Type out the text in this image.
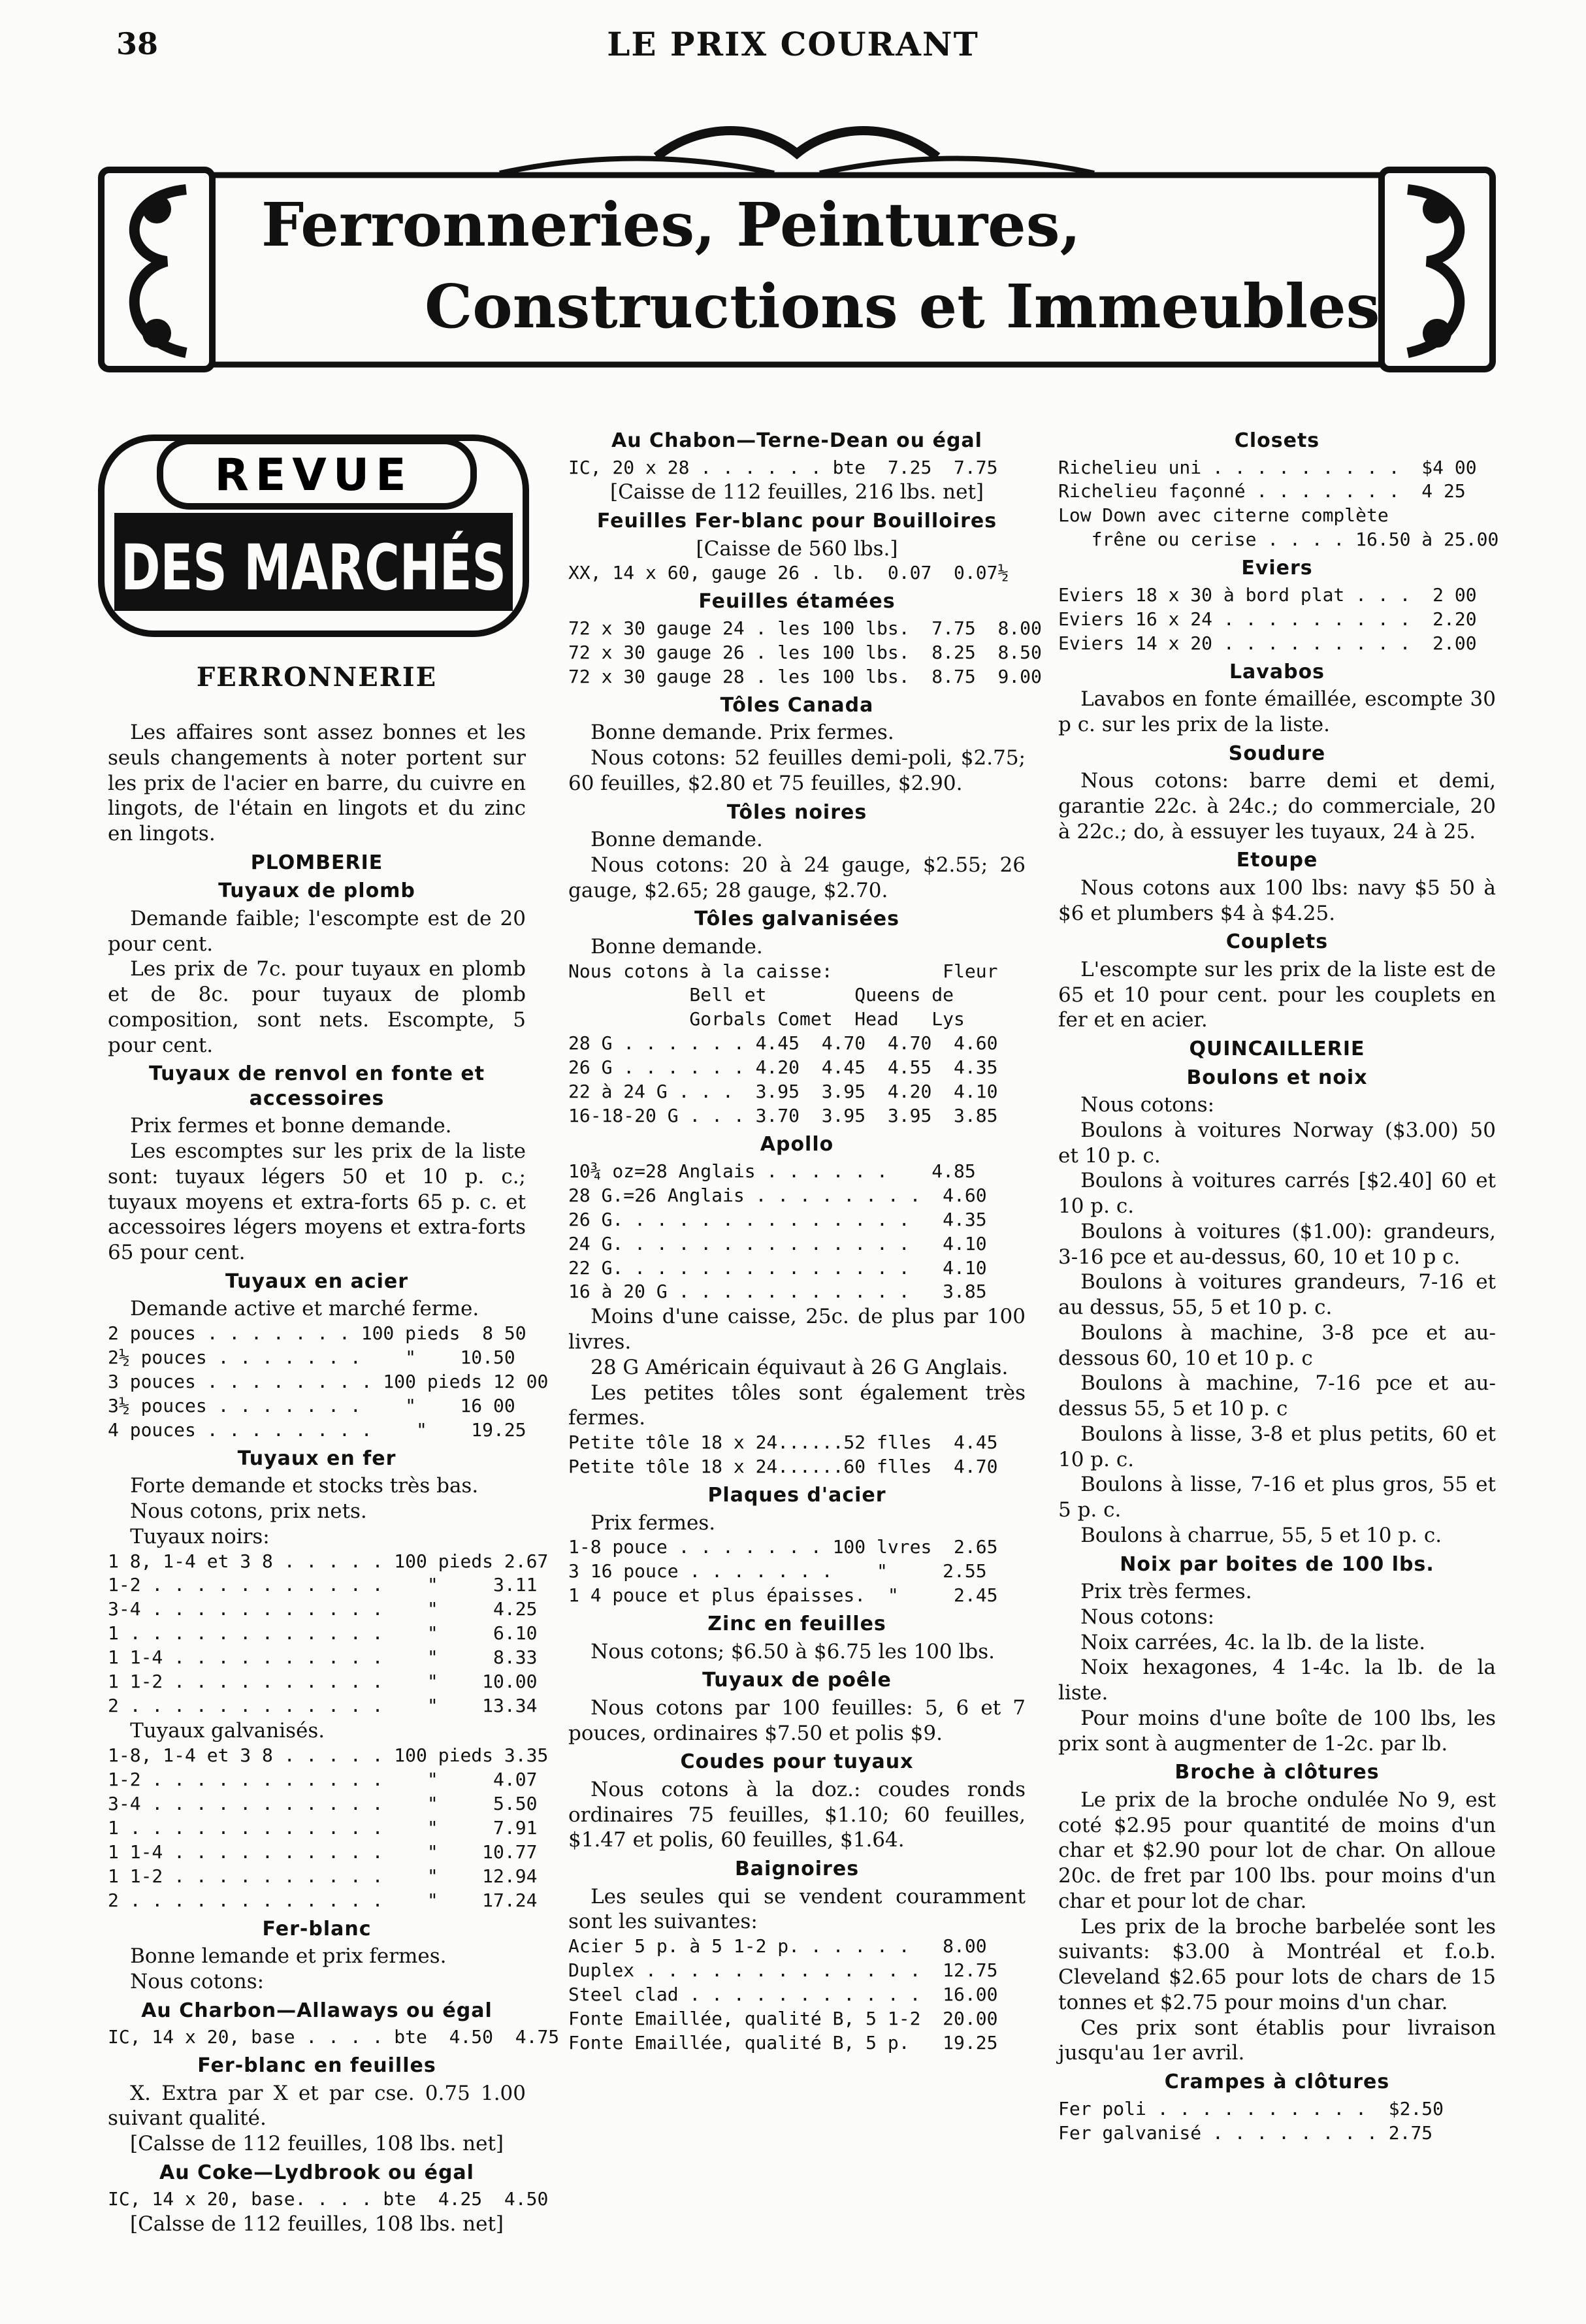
38	LE PRIX COURANT
Ferronneries, Peintures,
Constructions et Immeubles
REVUE
DES MARCHÉS
FERRONNERIE
Les affaires sont assez bonnes et les seuls changements à noter portent sur les prix de l'acier en barre, du cuivre en lingots, de l'étain en lingots et du zinc en lingots.
PLOMBERIE
Tuyaux de plomb
Demande faible; l'escompte est de 20 pour cent.
Les prix de 7c. pour tuyaux en plomb et de 8c. pour tuyaux de plomb composition, sont nets. Escompte, 5 pour cent.
Tuyaux de renvol en fonte et accessoires
Prix fermes et bonne demande.
Les escomptes sur les prix de la liste sont: tuyaux légers 50 et 10 p. c.; tuyaux moyens et extra-forts 65 p. c. et accessoires légers moyens et extra-forts 65 pour cent.
Tuyaux en acier
Demande active et marché ferme.
2 pouces . . . . . . . 100 pieds  8 50
2½ pouces . . . . . . .    "    10.50
3 pouces . . . . . . . . 100 pieds 12 00
3½ pouces . . . . . . .    "    16 00
4 pouces . . . . . . . .    "    19.25
Tuyaux en fer
Forte demande et stocks très bas.
Nous cotons, prix nets.
Tuyaux noirs:
1 8, 1-4 et 3 8 . . . . . 100 pieds 2.67
1-2 . . . . . . . . . . .    "     3.11
3-4 . . . . . . . . . . .    "     4.25
1 . . . . . . . . . . . .    "     6.10
1 1-4 . . . . . . . . . .    "     8.33
1 1-2 . . . . . . . . . .    "    10.00
2 . . . . . . . . . . . .    "    13.34
Tuyaux galvanisés.
1-8, 1-4 et 3 8 . . . . . 100 pieds 3.35
1-2 . . . . . . . . . . .    "     4.07
3-4 . . . . . . . . . . .    "     5.50
1 . . . . . . . . . . . .    "     7.91
1 1-4 . . . . . . . . . .    "    10.77
1 1-2 . . . . . . . . . .    "    12.94
2 . . . . . . . . . . . .    "    17.24
Fer-blanc
Bonne lemande et prix fermes.
Nous cotons:
Au Charbon—Allaways ou égal
IC, 14 x 20, base . . . . bte  4.50  4.75
Fer-blanc en feuilles
X. Extra par X et par cse. 0.75 1.00 suivant qualité.
[Calsse de 112 feuilles, 108 lbs. net]
Au Coke—Lydbrook ou égal
IC, 14 x 20, base. . . . bte  4.25  4.50
[Calsse de 112 feuilles, 108 lbs. net]
Au Chabon—Terne-Dean ou égal
IC, 20 x 28 . . . . . . bte  7.25  7.75
[Caisse de 112 feuilles, 216 lbs. net]
Feuilles Fer-blanc pour Bouilloires
[Caisse de 560 lbs.]
XX, 14 x 60, gauge 26 . lb.  0.07  0.07½
Feuilles étamées
72 x 30 gauge 24 . les 100 lbs.  7.75  8.00
72 x 30 gauge 26 . les 100 lbs.  8.25  8.50
72 x 30 gauge 28 . les 100 lbs.  8.75  9.00
Tôles Canada
Bonne demande. Prix fermes.
Nous cotons: 52 feuilles demi-poli, $2.75; 60 feuilles, $2.80 et 75 feuilles, $2.90.
Tôles noires
Bonne demande.
Nous cotons: 20 à 24 gauge, $2.55; 26 gauge, $2.65; 28 gauge, $2.70.
Tôles galvanisées
Bonne demande.
Nous cotons à la caisse:          Fleur
Bell et        Queens de
Gorbals Comet  Head   Lys
28 G . . . . . . 4.45  4.70  4.70  4.60
26 G . . . . . . 4.20  4.45  4.55  4.35
22 à 24 G . . .  3.95  3.95  4.20  4.10
16-18-20 G . . . 3.70  3.95  3.95  3.85
Apollo
10¾ oz=28 Anglais . . . . . .    4.85
28 G.=26 Anglais . . . . . . . .  4.60
26 G. . . . . . . . . . . . . .   4.35
24 G. . . . . . . . . . . . . .   4.10
22 G. . . . . . . . . . . . . .   4.10
16 à 20 G . . . . . . . . . . .   3.85
Moins d'une caisse, 25c. de plus par 100 livres.
28 G Américain équivaut à 26 G Anglais.
Les petites tôles sont également très fermes.
Petite tôle 18 x 24......52 flles  4.45
Petite tôle 18 x 24......60 flles  4.70
Plaques d'acier
Prix fermes.
1-8 pouce . . . . . . . 100 lvres  2.65
3 16 pouce . . . . . . .    "     2.55
1 4 pouce et plus épaisses.  "     2.45
Zinc en feuilles
Nous cotons; $6.50 à $6.75 les 100 lbs.
Tuyaux de poêle
Nous cotons par 100 feuilles: 5, 6 et 7 pouces, ordinaires $7.50 et polis $9.
Coudes pour tuyaux
Nous cotons à la doz.: coudes ronds ordinaires 75 feuilles, $1.10; 60 feuilles, $1.47 et polis, 60 feuilles, $1.64.
Baignoires
Les seules qui se vendent couramment sont les suivantes:
Acier 5 p. à 5 1-2 p. . . . . .   8.00
Duplex . . . . . . . . . . . . .  12.75
Steel clad . . . . . . . . . . .  16.00
Fonte Emaillée, qualité B, 5 1-2  20.00
Fonte Emaillée, qualité B, 5 p.   19.25
Closets
Richelieu uni . . . . . . . . .  $4 00
Richelieu façonné . . . . . . .  4 25
Low Down avec citerne complète
frêne ou cerise . . . . 16.50 à 25.00
Eviers
Eviers 18 x 30 à bord plat . . .  2 00
Eviers 16 x 24 . . . . . . . . .  2.20
Eviers 14 x 20 . . . . . . . . .  2.00
Lavabos
Lavabos en fonte émaillée, escompte 30 p c. sur les prix de la liste.
Soudure
Nous cotons: barre demi et demi, garantie 22c. à 24c.; do commerciale, 20 à 22c.; do, à essuyer les tuyaux, 24 à 25.
Etoupe
Nous cotons aux 100 lbs: navy $5 50 à $6 et plumbers $4 à $4.25.
Couplets
L'escompte sur les prix de la liste est de 65 et 10 pour cent. pour les couplets en fer et en acier.
QUINCAILLERIE
Boulons et noix
Nous cotons:
Boulons à voitures Norway ($3.00) 50 et 10 p. c.
Boulons à voitures carrés [$2.40] 60 et 10 p. c.
Boulons à voitures ($1.00): grandeurs, 3-16 pce et au-dessus, 60, 10 et 10 p c.
Boulons à voitures grandeurs, 7-16 et au dessus, 55, 5 et 10 p. c.
Boulons à machine, 3-8 pce et au-dessous 60, 10 et 10 p. c
Boulons à machine, 7-16 pce et au-dessus 55, 5 et 10 p. c
Boulons à lisse, 3-8 et plus petits, 60 et 10 p. c.
Boulons à lisse, 7-16 et plus gros, 55 et 5 p. c.
Boulons à charrue, 55, 5 et 10 p. c.
Noix par boites de 100 lbs.
Prix très fermes.
Nous cotons:
Noix carrées, 4c. la lb. de la liste.
Noix hexagones, 4 1-4c. la lb. de la liste.
Pour moins d'une boîte de 100 lbs, les prix sont à augmenter de 1-2c. par lb.
Broche à clôtures
Le prix de la broche ondulée No 9, est coté $2.95 pour quantité de moins d'un char et $2.90 pour lot de char. On alloue 20c. de fret par 100 lbs. pour moins d'un char et pour lot de char.
Les prix de la broche barbelée sont les suivants: $3.00 à Montréal et f.o.b. Cleveland $2.65 pour lots de chars de 15 tonnes et $2.75 pour moins d'un char.
Ces prix sont établis pour livraison jusqu'au 1er avril.
Crampes à clôtures
Fer poli . . . . . . . . . .  $2.50
Fer galvanisé . . . . . . . . 2.75
